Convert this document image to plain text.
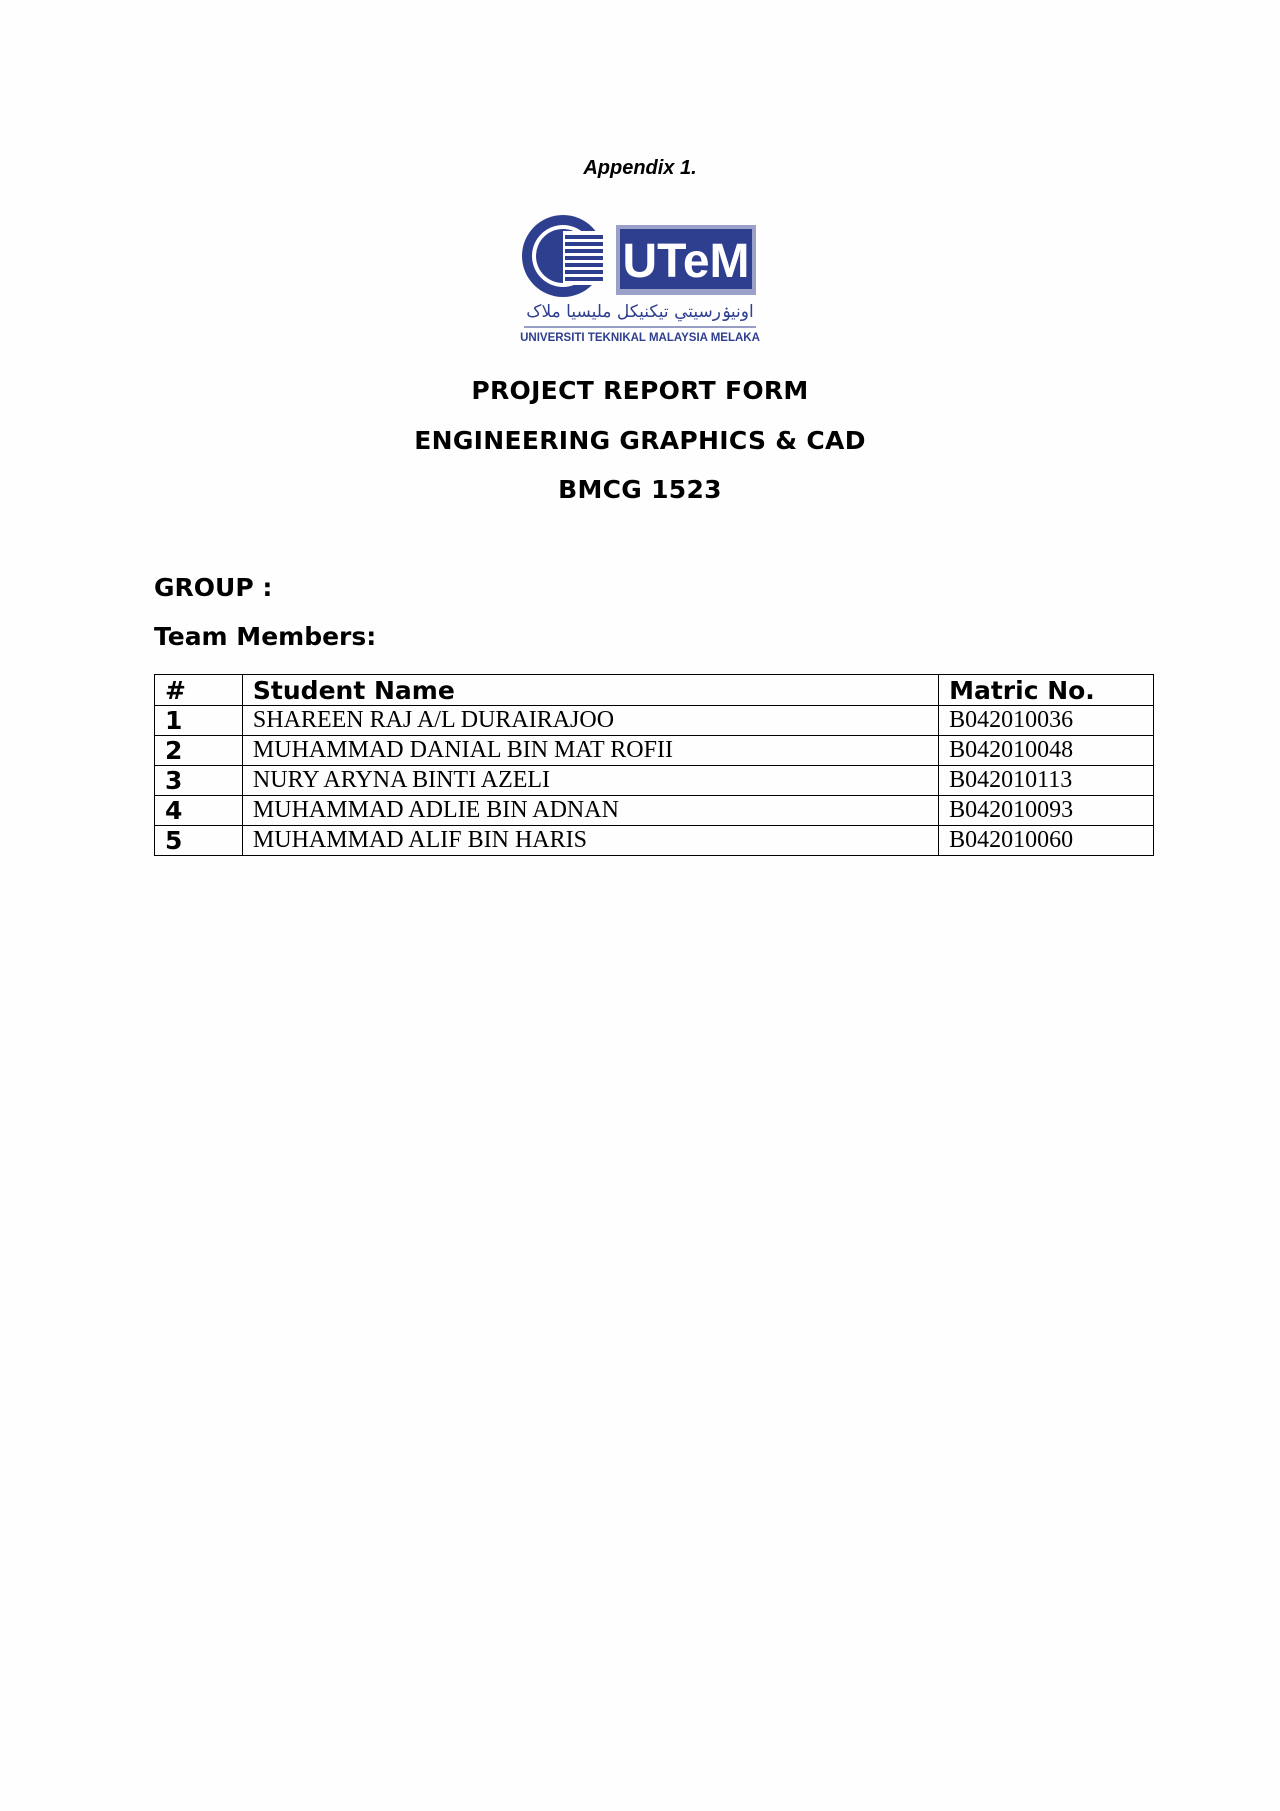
Appendix 1.
UTeM
اونيۏرسيتي تيکنيکل مليسيا ملاک
UNIVERSITI TEKNIKAL MALAYSIA MELAKA
PROJECT REPORT FORM
ENGINEERING GRAPHICS & CAD
BMCG 1523
GROUP :
Team Members:
#	Student Name	Matric No.
1	SHAREEN RAJ A/L DURAIRAJOO	B042010036
2	MUHAMMAD DANIAL BIN MAT ROFII	B042010048
3	NURY ARYNA BINTI AZELI	B042010113
4	MUHAMMAD ADLIE BIN ADNAN	B042010093
5	MUHAMMAD ALIF BIN HARIS	B042010060
